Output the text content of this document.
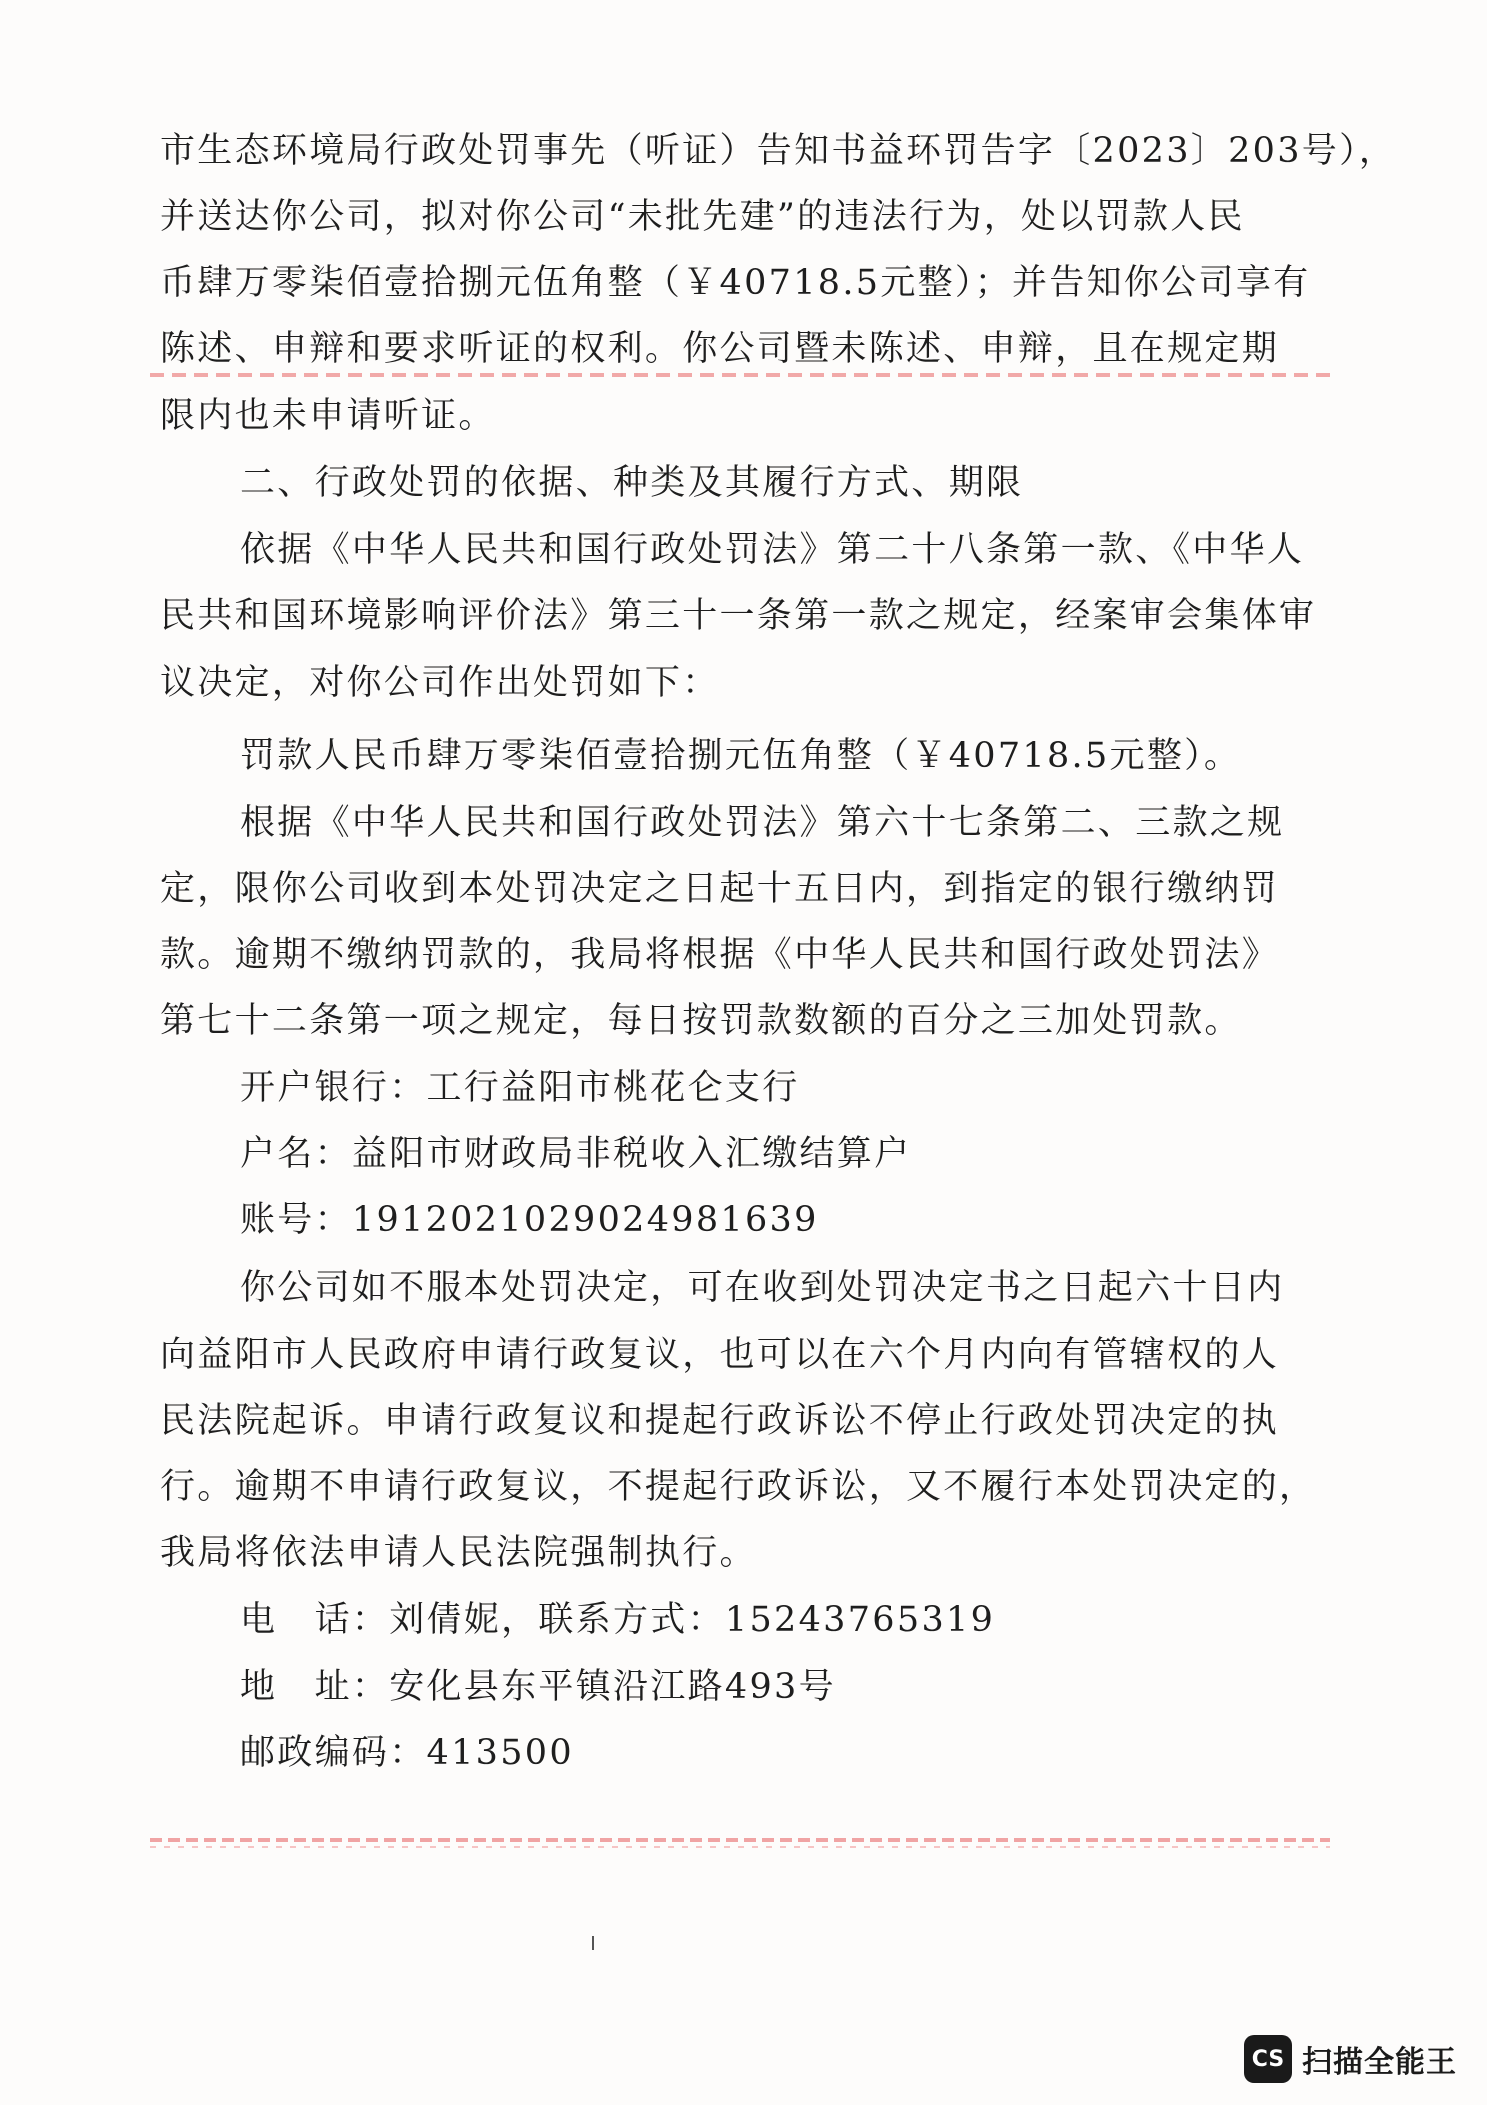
市生态环境局行政处罚事先（听证）告知书益环罚告字〔2023〕203号），
并送达你公司，拟对你公司“未批先建”的违法行为，处以罚款人民
币肆万零柒佰壹拾捌元伍角整（￥40718.5元整）；并告知你公司享有
陈述、申辩和要求听证的权利。你公司暨未陈述、申辩，且在规定期
限内也未申请听证。
二、行政处罚的依据、种类及其履行方式、期限
依据《中华人民共和国行政处罚法》第二十八条第一款、《中华人
民共和国环境影响评价法》第三十一条第一款之规定，经案审会集体审
议决定，对你公司作出处罚如下：
罚款人民币肆万零柒佰壹拾捌元伍角整（￥40718.5元整）。
根据《中华人民共和国行政处罚法》第六十七条第二、三款之规
定，限你公司收到本处罚决定之日起十五日内，到指定的银行缴纳罚
款。逾期不缴纳罚款的，我局将根据《中华人民共和国行政处罚法》
第七十二条第一项之规定，每日按罚款数额的百分之三加处罚款。
开户银行：工行益阳市桃花仑支行
户名：益阳市财政局非税收入汇缴结算户
账号：1912021029024981639
你公司如不服本处罚决定，可在收到处罚决定书之日起六十日内
向益阳市人民政府申请行政复议，也可以在六个月内向有管辖权的人
民法院起诉。申请行政复议和提起行政诉讼不停止行政处罚决定的执
行。逾期不申请行政复议，不提起行政诉讼，又不履行本处罚决定的，
我局将依法申请人民法院强制执行。
电　话：刘倩妮，联系方式：15243765319
地　址：安化县东平镇沿江路493号
邮政编码：413500
CS 扫描全能王
